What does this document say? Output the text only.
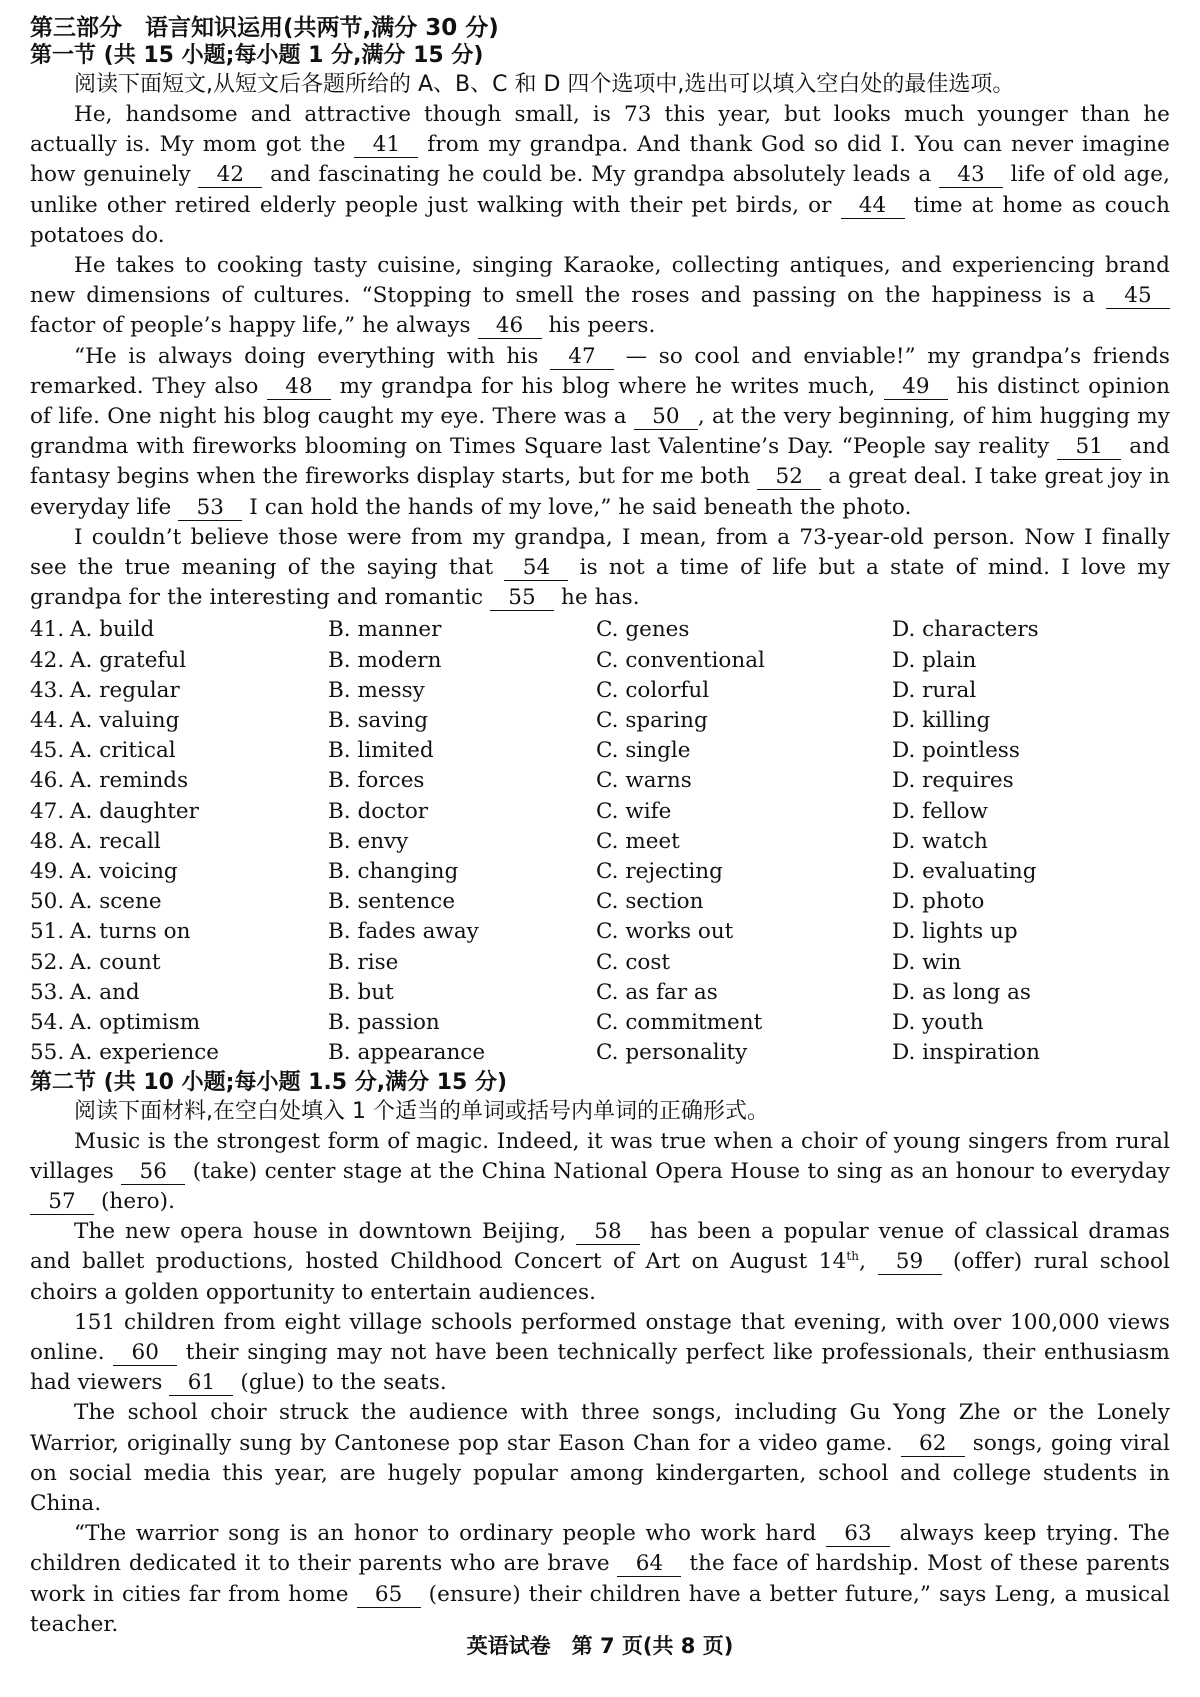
第三部分　语言知识运用(共两节,满分 30 分)

第一节 (共 15 小题;每小题 1 分,满分 15 分)

阅读下面短文,从短文后各题所给的 A、B、C 和 D 四个选项中,选出可以填入空白处的最佳选项。

He, handsome and attractive though small, is 73 this year, but looks much younger than he actually is. My mom got the 41 from my grandpa. And thank God so did I. You can never imagine how genuinely 42 and fascinating he could be. My grandpa absolutely leads a 43 life of old age, unlike other retired elderly people just walking with their pet birds, or 44 time at home as couch potatoes do.

He takes to cooking tasty cuisine, singing Karaoke, collecting antiques, and experiencing brand new dimensions of cultures. “Stopping to smell the roses and passing on the happiness is a 45 factor of people’s happy life,” he always 46 his peers.

“He is always doing everything with his 47 — so cool and enviable!” my grandpa’s friends remarked. They also 48 my grandpa for his blog where he writes much, 49 his distinct opinion of life. One night his blog caught my eye. There was a 50 , at the very beginning, of him hugging my grandma with fireworks blooming on Times Square last Valentine’s Day. “People say reality 51 and fantasy begins when the fireworks display starts, but for me both 52 a great deal. I take great joy in everyday life 53 I can hold the hands of my love,” he said beneath the photo.

I couldn’t believe those were from my grandpa, I mean, from a 73-year-old person. Now I finally see the true meaning of the saying that 54 is not a time of life but a state of mind. I love my grandpa for the interesting and romantic 55 he has.

41. A. build	B. manner	C. genes	D. characters
42. A. grateful	B. modern	C. conventional	D. plain
43. A. regular	B. messy	C. colorful	D. rural
44. A. valuing	B. saving	C. sparing	D. killing
45. A. critical	B. limited	C. single	D. pointless
46. A. reminds	B. forces	C. warns	D. requires
47. A. daughter	B. doctor	C. wife	D. fellow
48. A. recall	B. envy	C. meet	D. watch
49. A. voicing	B. changing	C. rejecting	D. evaluating
50. A. scene	B. sentence	C. section	D. photo
51. A. turns on	B. fades away	C. works out	D. lights up
52. A. count	B. rise	C. cost	D. win
53. A. and	B. but	C. as far as	D. as long as
54. A. optimism	B. passion	C. commitment	D. youth
55. A. experience	B. appearance	C. personality	D. inspiration

第二节 (共 10 小题;每小题 1.5 分,满分 15 分)

阅读下面材料,在空白处填入 1 个适当的单词或括号内单词的正确形式。

Music is the strongest form of magic. Indeed, it was true when a choir of young singers from rural villages 56 (take) center stage at the China National Opera House to sing as an honour to everyday 57 (hero).

The new opera house in downtown Beijing, 58 has been a popular venue of classical dramas and ballet productions, hosted Childhood Concert of Art on August 14th, 59 (offer) rural school choirs a golden opportunity to entertain audiences.

151 children from eight village schools performed onstage that evening, with over 100,000 views online. 60 their singing may not have been technically perfect like professionals, their enthusiasm had viewers 61 (glue) to the seats.

The school choir struck the audience with three songs, including Gu Yong Zhe or the Lonely Warrior, originally sung by Cantonese pop star Eason Chan for a video game. 62 songs, going viral on social media this year, are hugely popular among kindergarten, school and college students in China.

“The warrior song is an honor to ordinary people who work hard 63 always keep trying. The children dedicated it to their parents who are brave 64 the face of hardship. Most of these parents work in cities far from home 65 (ensure) their children have a better future,” says Leng, a musical teacher.

英语试卷　第 7 页(共 8 页)
